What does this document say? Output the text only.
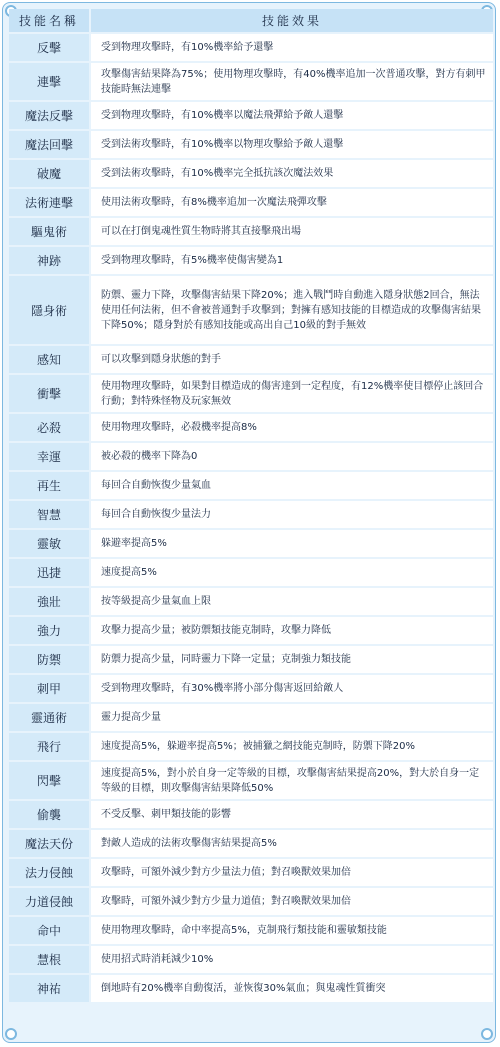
技能名稱	技能效果
反擊	受到物理攻擊時，有10%機率給予還擊
連擊	攻擊傷害結果降為75%；使用物理攻擊時，有40%機率追加一次普通攻擊，對方有刺甲技能時無法連擊
魔法反擊	受到物理攻擊時，有10%機率以魔法飛彈給予敵人還擊
魔法回擊	受到法術攻擊時，有10%機率以物理攻擊給予敵人還擊
破魔	受到法術攻擊時，有10%機率完全抵抗該次魔法效果
法術連擊	使用法術攻擊時，有8%機率追加一次魔法飛彈攻擊
驅鬼術	可以在打倒鬼魂性質生物時將其直接擊飛出場
神跡	受到物理攻擊時，有5%機率使傷害變為1
隱身術	防禦、靈力下降，攻擊傷害結果下降20%；進入戰鬥時自動進入隱身狀態2回合，無法使用任何法術，但不會被普通對手攻擊到；對擁有感知技能的目標造成的攻擊傷害結果下降50%；隱身對於有感知技能或高出自己10級的對手無效
感知	可以攻擊到隱身狀態的對手
衝擊	使用物理攻擊時，如果對目標造成的傷害達到一定程度，有12%機率使目標停止該回合行動；對特殊怪物及玩家無效
必殺	使用物理攻擊時，必殺機率提高8%
幸運	被必殺的機率下降為0
再生	每回合自動恢復少量氣血
智慧	每回合自動恢復少量法力
靈敏	躲避率提高5%
迅捷	速度提高5%
強壯	按等級提高少量氣血上限
強力	攻擊力提高少量；被防禦類技能克制時，攻擊力降低
防禦	防禦力提高少量，同時靈力下降一定量；克制強力類技能
刺甲	受到物理攻擊時，有30%機率將小部分傷害返回給敵人
靈通術	靈力提高少量
飛行	速度提高5%，躲避率提高5%；被捕獵之網技能克制時，防禦下降20%
閃擊	速度提高5%，對小於自身一定等級的目標，攻擊傷害結果提高20%，對大於自身一定等級的目標，則攻擊傷害結果降低50%
偷襲	不受反擊、刺甲類技能的影響
魔法天份	對敵人造成的法術攻擊傷害結果提高5%
法力侵蝕	攻擊時，可額外減少對方少量法力值；對召喚獸效果加倍
力道侵蝕	攻擊時，可額外減少對方少量力道值；對召喚獸效果加倍
命中	使用物理攻擊時，命中率提高5%，克制飛行類技能和靈敏類技能
慧根	使用招式時消耗減少10%
神祐	倒地時有20%機率自動復活，並恢復30%氣血；與鬼魂性質衝突
